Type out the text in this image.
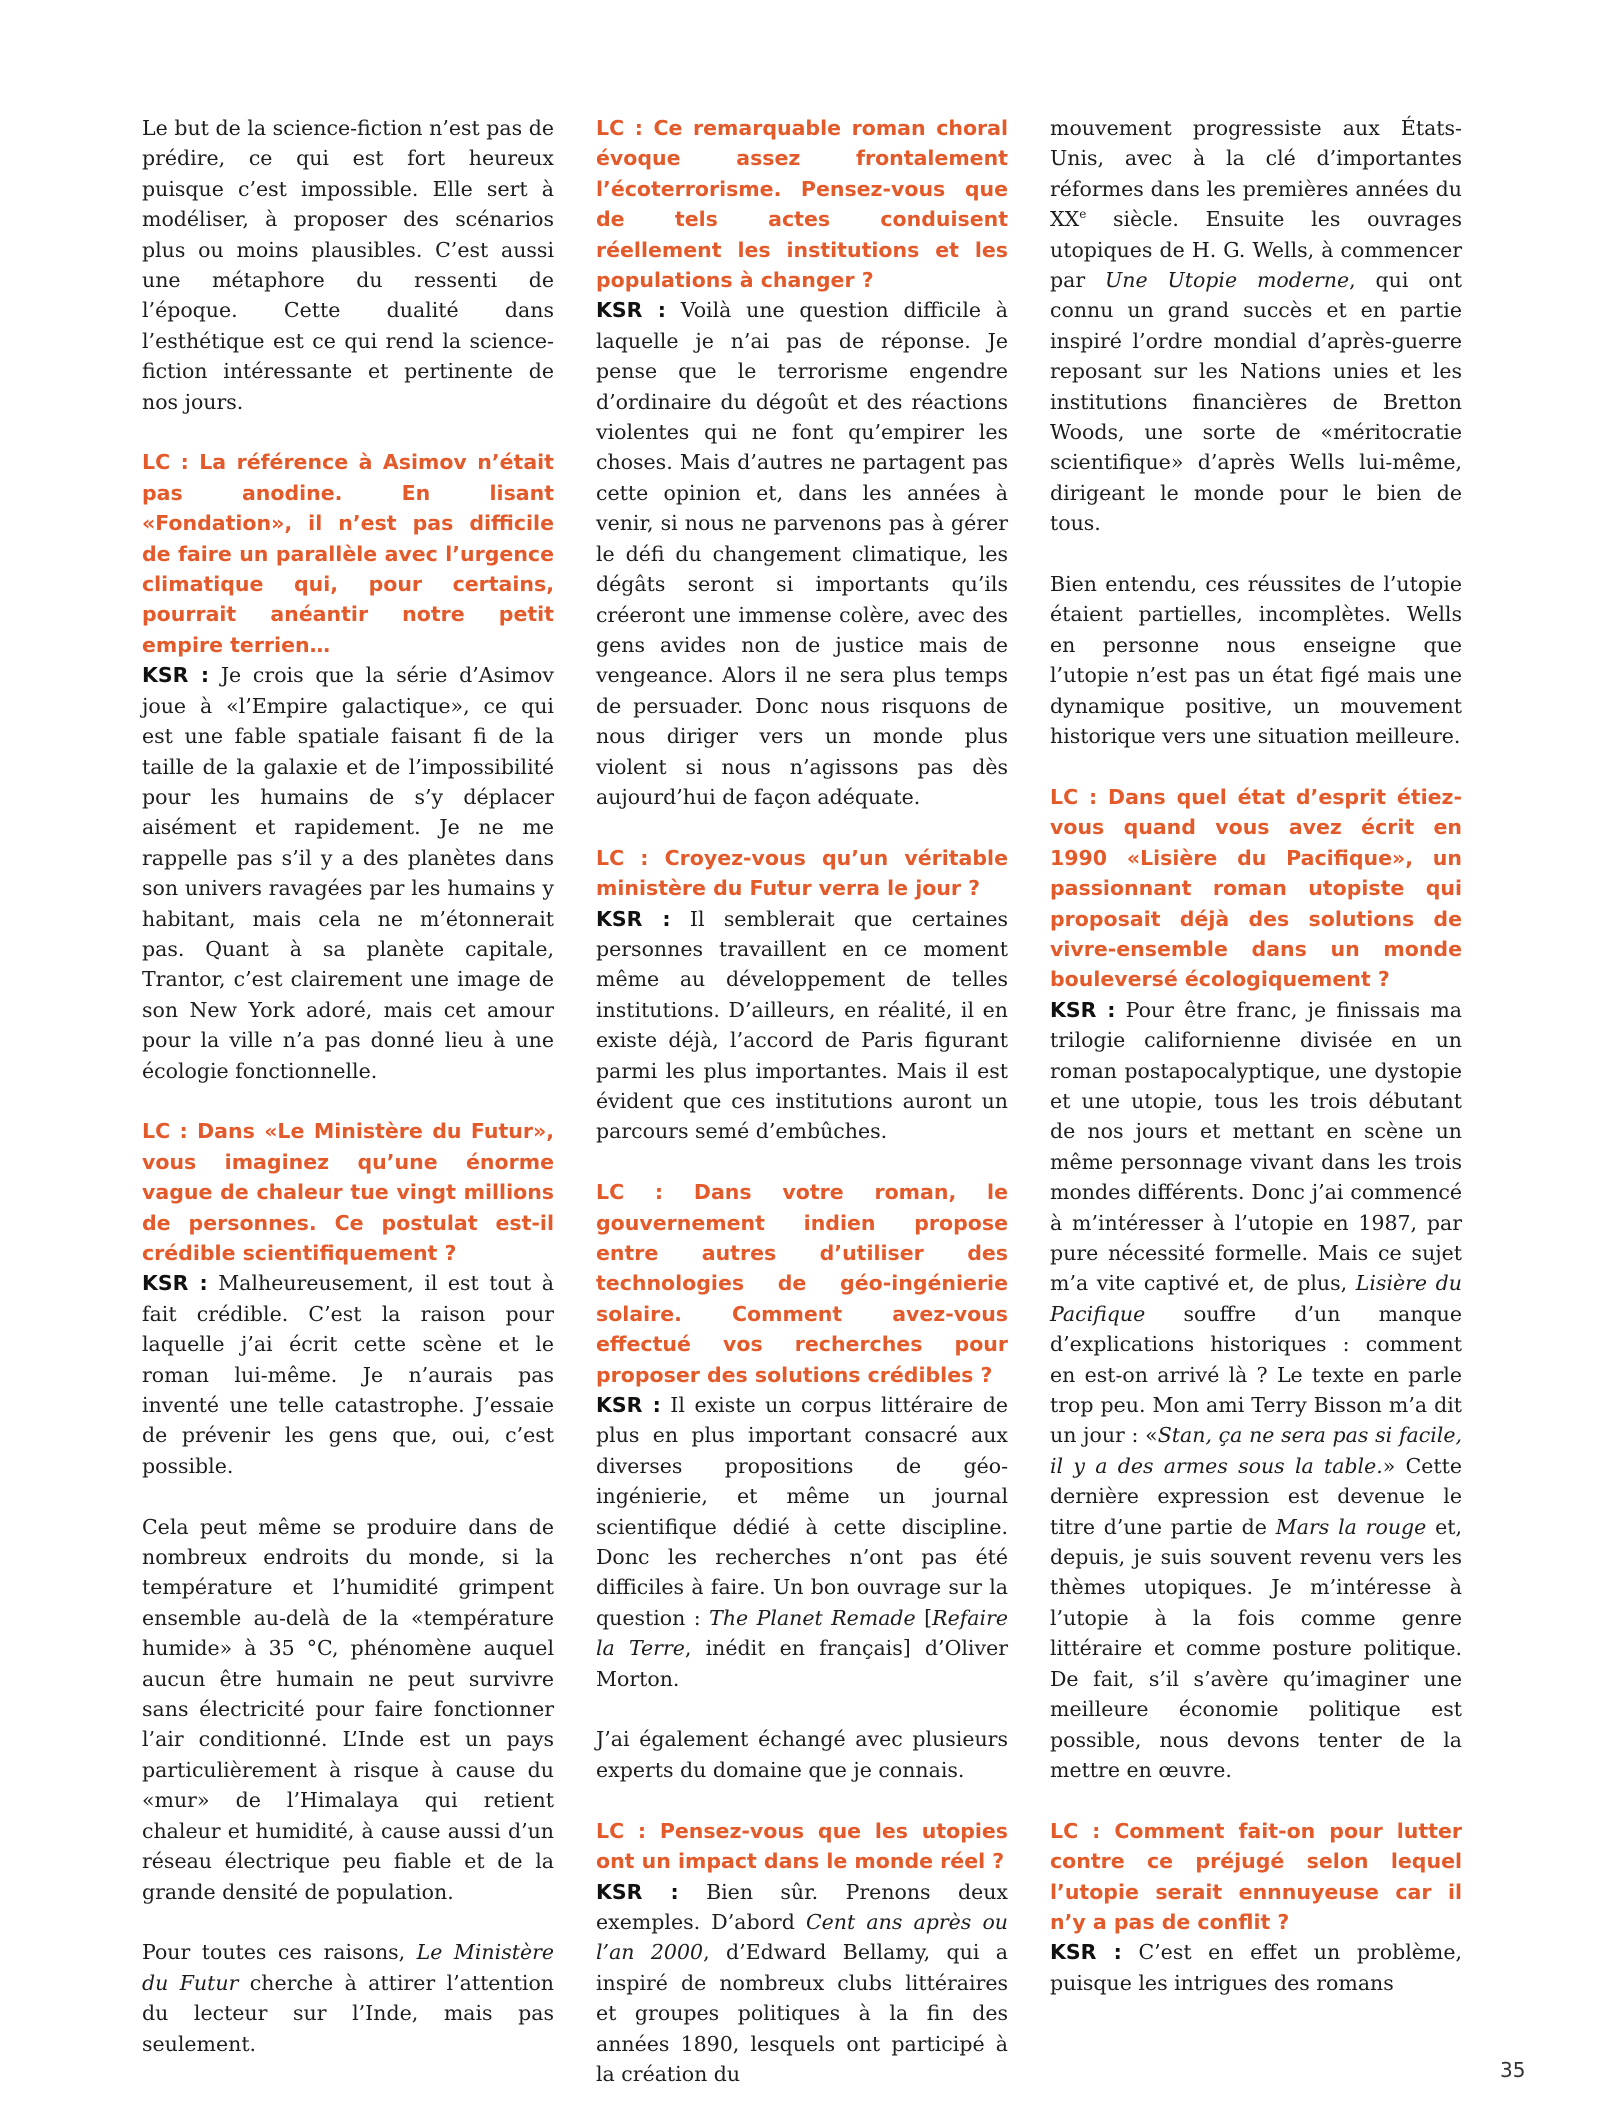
Le but de la science-fiction n’est pas de prédire, ce qui est fort heureux puisque c’est impossible. Elle sert à modéliser, à proposer des scénarios plus ou moins plausibles. C’est aussi une métaphore du ressenti de l’époque. Cette dualité dans l’esthétique est ce qui rend la science-fiction intéressante et pertinente de nos jours.

LC : La référence à Asimov n’était pas anodine. En lisant «Fondation», il n’est pas difficile de faire un parallèle avec l’urgence climatique qui, pour certains, pourrait anéantir notre petit empire terrien…

KSR : Je crois que la série d’Asimov joue à «l’Empire galactique», ce qui est une fable spatiale faisant fi de la taille de la galaxie et de l’impossibilité pour les humains de s’y déplacer aisément et rapidement. Je ne me rappelle pas s’il y a des planètes dans son univers ravagées par les humains y habitant, mais cela ne m’étonnerait pas. Quant à sa planète capitale, Trantor, c’est clairement une image de son New York adoré, mais cet amour pour la ville n’a pas donné lieu à une écologie fonctionnelle.

LC : Dans «Le Ministère du Futur», vous imaginez qu’une énorme vague de chaleur tue vingt millions de personnes. Ce postulat est-il crédible scientifiquement ?

KSR : Malheureusement, il est tout à fait crédible. C’est la raison pour laquelle j’ai écrit cette scène et le roman lui-même. Je n’aurais pas inventé une telle catastrophe. J’essaie de prévenir les gens que, oui, c’est possible.

Cela peut même se produire dans de nombreux endroits du monde, si la température et l’humidité grimpent ensemble au-delà de la «température humide» à 35 °C, phénomène auquel aucun être humain ne peut survivre sans électricité pour faire fonctionner l’air conditionné. L’Inde est un pays particulièrement à risque à cause du «mur» de l’Himalaya qui retient chaleur et humidité, à cause aussi d’un réseau électrique peu fiable et de la grande densité de population.

Pour toutes ces raisons, Le Ministère du Futur cherche à attirer l’attention du lecteur sur l’Inde, mais pas seulement.

LC : Ce remarquable roman choral évoque assez frontalement l’écoterrorisme. Pensez-vous que de tels actes conduisent réellement les institutions et les populations à changer ?

KSR : Voilà une question difficile à laquelle je n’ai pas de réponse. Je pense que le terrorisme engendre d’ordinaire du dégoût et des réactions violentes qui ne font qu’empirer les choses. Mais d’autres ne partagent pas cette opinion et, dans les années à venir, si nous ne parvenons pas à gérer le défi du changement climatique, les dégâts seront si importants qu’ils créeront une immense colère, avec des gens avides non de justice mais de vengeance. Alors il ne sera plus temps de persuader. Donc nous risquons de nous diriger vers un monde plus violent si nous n’agissons pas dès aujourd’hui de façon adéquate.

LC : Croyez-vous qu’un véritable ministère du Futur verra le jour ?

KSR : Il semblerait que certaines personnes travaillent en ce moment même au développement de telles institutions. D’ailleurs, en réalité, il en existe déjà, l’accord de Paris figurant parmi les plus importantes. Mais il est évident que ces institutions auront un parcours semé d’embûches.

LC : Dans votre roman, le gouvernement indien propose entre autres d’utiliser des technologies de géo-ingénierie solaire. Comment avez-vous effectué vos recherches pour proposer des solutions crédibles ?

KSR : Il existe un corpus littéraire de plus en plus important consacré aux diverses propositions de géo-ingénierie, et même un journal scientifique dédié à cette discipline. Donc les recherches n’ont pas été difficiles à faire. Un bon ouvrage sur la question : The Planet Remade [Refaire la Terre, inédit en français] d’Oliver Morton.

J’ai également échangé avec plusieurs experts du domaine que je connais.

LC : Pensez-vous que les utopies ont un impact dans le monde réel ?

KSR : Bien sûr. Prenons deux exemples. D’abord Cent ans après ou l’an 2000, d’Edward Bellamy, qui a inspiré de nombreux clubs littéraires et groupes politiques à la fin des années 1890, lesquels ont participé à la création du

mouvement progressiste aux États-Unis, avec à la clé d’importantes réformes dans les premières années du XXe siècle. Ensuite les ouvrages utopiques de H. G. Wells, à commencer par Une Utopie moderne, qui ont connu un grand succès et en partie inspiré l’ordre mondial d’après-guerre reposant sur les Nations unies et les institutions financières de Bretton Woods, une sorte de «méritocratie scientifique» d’après Wells lui-même, dirigeant le monde pour le bien de tous.

Bien entendu, ces réussites de l’utopie étaient partielles, incomplètes. Wells en personne nous enseigne que l’utopie n’est pas un état figé mais une dynamique positive, un mouvement historique vers une situation meilleure.

LC : Dans quel état d’esprit étiez-vous quand vous avez écrit en 1990 «Lisière du Pacifique», un passionnant roman utopiste qui proposait déjà des solutions de vivre-ensemble dans un monde bouleversé écologiquement ?

KSR : Pour être franc, je finissais ma trilogie californienne divisée en un roman postapocalyptique, une dystopie et une utopie, tous les trois débutant de nos jours et mettant en scène un même personnage vivant dans les trois mondes différents. Donc j’ai commencé à m’intéresser à l’utopie en 1987, par pure nécessité formelle. Mais ce sujet m’a vite captivé et, de plus, Lisière du Pacifique souffre d’un manque d’explications historiques : comment en est-on arrivé là ? Le texte en parle trop peu. Mon ami Terry Bisson m’a dit un jour : «Stan, ça ne sera pas si facile, il y a des armes sous la table.» Cette dernière expression est devenue le titre d’une partie de Mars la rouge et, depuis, je suis souvent revenu vers les thèmes utopiques. Je m’intéresse à l’utopie à la fois comme genre littéraire et comme posture politique. De fait, s’il s’avère qu’imaginer une meilleure économie politique est possible, nous devons tenter de la mettre en œuvre.

LC : Comment fait-on pour lutter contre ce préjugé selon lequel l’utopie serait ennnuyeuse car il n’y a pas de conflit ?

KSR : C’est en effet un problème, puisque les intrigues des romans

35
